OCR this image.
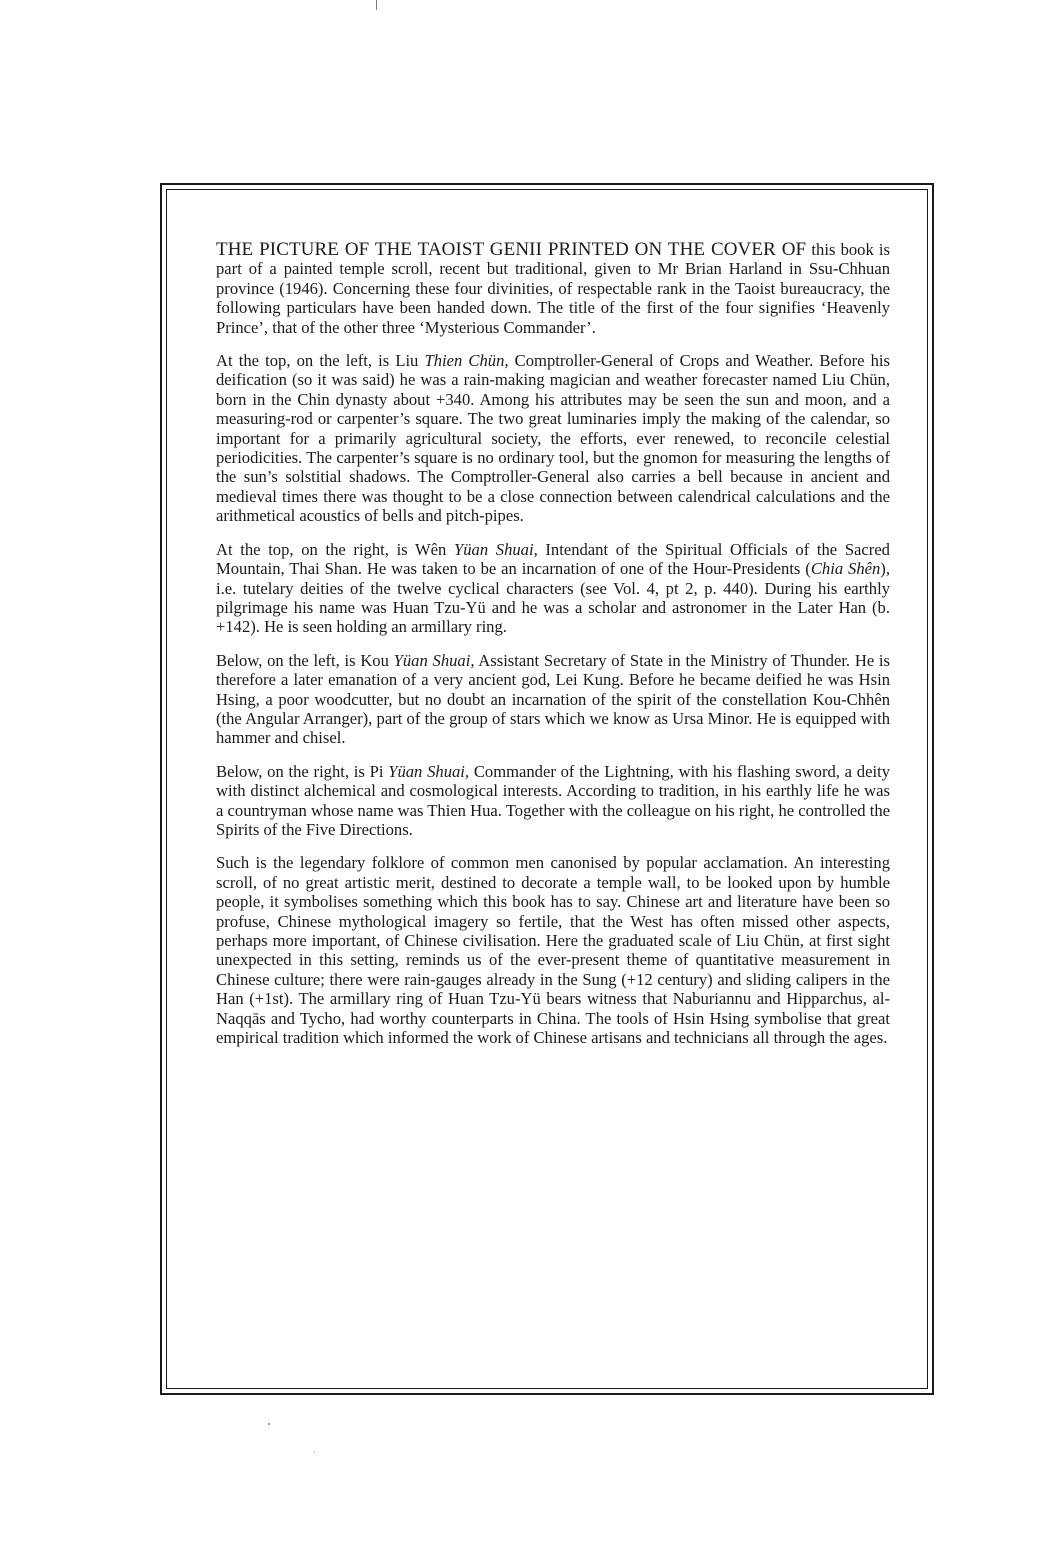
THE PICTURE OF THE TAOIST GENII PRINTED ON THE COVER OF this book is part of a painted temple scroll, recent but traditional, given to Mr Brian Harland in Ssu-Chhuan province (1946). Concerning these four divinities, of respectable rank in the Taoist bureaucracy, the following particulars have been handed down. The title of the first of the four signifies ‘Heavenly Prince’, that of the other three ‘Mysterious Commander’.

At the top, on the left, is Liu Thien Chün, Comptroller-General of Crops and Weather. Before his deification (so it was said) he was a rain-making magician and weather forecaster named Liu Chün, born in the Chin dynasty about +340. Among his attributes may be seen the sun and moon, and a measuring-rod or carpenter’s square. The two great luminaries imply the making of the calendar, so important for a primarily agricultural society, the efforts, ever renewed, to reconcile celestial periodicities. The carpenter’s square is no ordinary tool, but the gnomon for measuring the lengths of the sun’s solstitial shadows. The Comptroller-General also carries a bell because in ancient and medieval times there was thought to be a close connection between calendrical calculations and the arithmetical acoustics of bells and pitch-pipes.

At the top, on the right, is Wên Yüan Shuai, Intendant of the Spiritual Officials of the Sacred Mountain, Thai Shan. He was taken to be an incarnation of one of the Hour-Presidents (Chia Shên), i.e. tutelary deities of the twelve cyclical characters (see Vol. 4, pt 2, p. 440). During his earthly pilgrimage his name was Huan Tzu-Yü and he was a scholar and astronomer in the Later Han (b. +142). He is seen holding an armillary ring.

Below, on the left, is Kou Yüan Shuai, Assistant Secretary of State in the Ministry of Thunder. He is therefore a later emanation of a very ancient god, Lei Kung. Before he became deified he was Hsin Hsing, a poor woodcutter, but no doubt an incarnation of the spirit of the constellation Kou-Chhên (the Angular Arranger), part of the group of stars which we know as Ursa Minor. He is equipped with hammer and chisel.

Below, on the right, is Pi Yüan Shuai, Commander of the Lightning, with his flashing sword, a deity with distinct alchemical and cosmological interests. According to tradition, in his earthly life he was a countryman whose name was Thien Hua. Together with the colleague on his right, he controlled the Spirits of the Five Directions.

Such is the legendary folklore of common men canonised by popular acclamation. An interesting scroll, of no great artistic merit, destined to decorate a temple wall, to be looked upon by humble people, it symbolises something which this book has to say. Chinese art and literature have been so profuse, Chinese mythological imagery so fertile, that the West has often missed other aspects, perhaps more important, of Chinese civilisation. Here the graduated scale of Liu Chün, at first sight unexpected in this setting, reminds us of the ever-present theme of quantitative measurement in Chinese culture; there were rain-gauges already in the Sung (+12 century) and sliding calipers in the Han (+1st). The armillary ring of Huan Tzu-Yü bears witness that Naburiannu and Hipparchus, al-Naqqās and Tycho, had worthy counterparts in China. The tools of Hsin Hsing symbolise that great empirical tradition which informed the work of Chinese artisans and technicians all through the ages.
